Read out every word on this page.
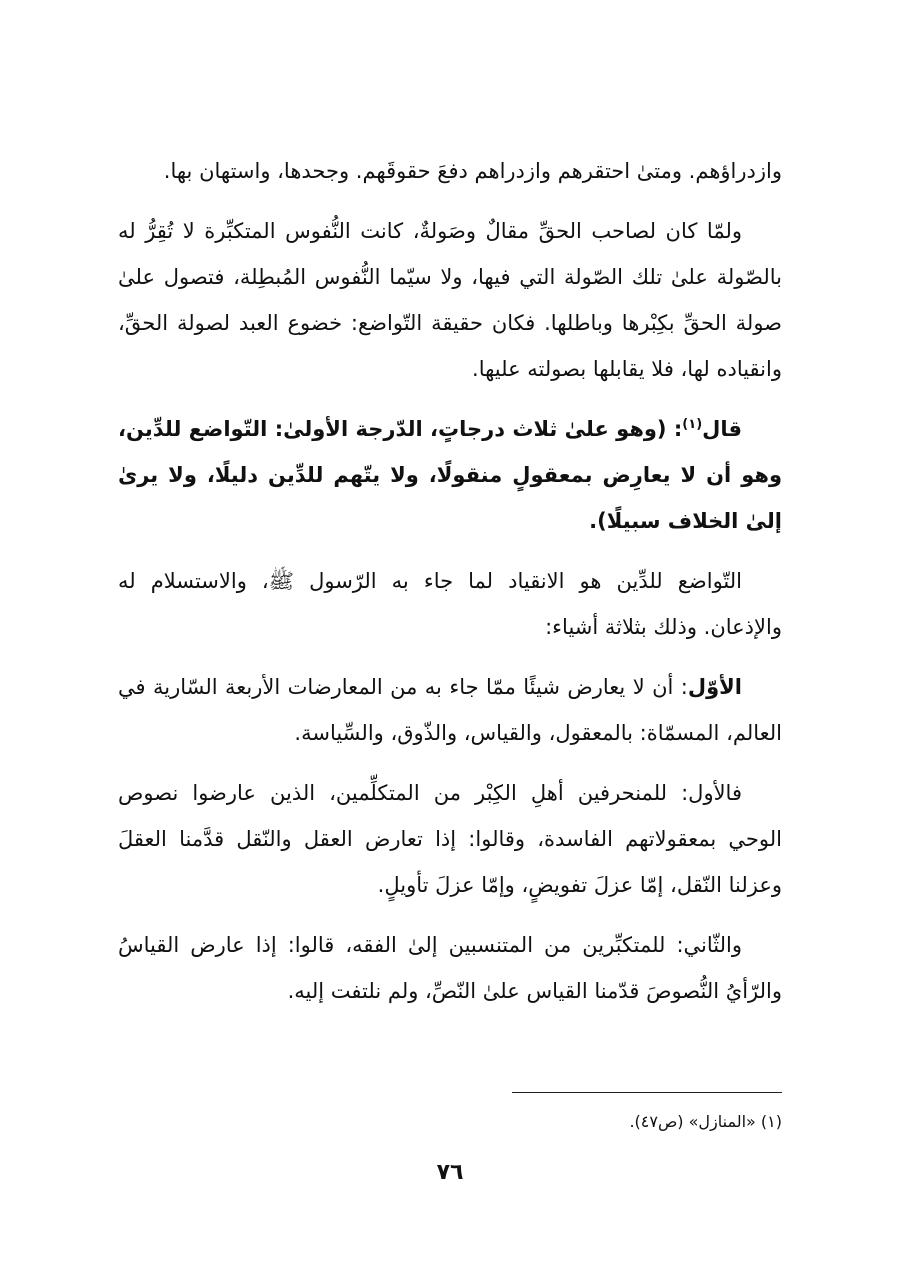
وازدراؤهم. ومتىٰ احتقرهم وازدراهم دفعَ حقوقَهم. وجحدها، واستهان بها.

ولمّا كان لصاحب الحقِّ مقالٌ وصَولةٌ، كانت النُّفوس المتكبِّرة لا تُقِرُّ له بالصّولة علىٰ تلك الصّولة التي فيها، ولا سيّما النُّفوس المُبطِلة، فتصول علىٰ صولة الحقِّ بكِبْرها وباطلها. فكان حقيقة التّواضع: خضوع العبد لصولة الحقِّ، وانقياده لها، فلا يقابلها بصولته عليها.

قال$^{(١)}$: (وهو علىٰ ثلاث درجاتٍ، الدّرجة الأولىٰ: التّواضع للدِّين، وهو أن لا يعارِض بمعقولٍ منقولًا، ولا يتّهم للدِّين دليلًا، ولا يرىٰ إلىٰ الخلاف سبيلًا).

التّواضع للدِّين هو الانقياد لما جاء به الرّسول ﷺ، والاستسلام له والإذعان. وذلك بثلاثة أشياء:

الأوّل: أن لا يعارض شيئًا ممّا جاء به من المعارضات الأربعة السّارية في العالم، المسمّاة: بالمعقول، والقياس، والذّوق، والسِّياسة.

فالأول: للمنحرفين أهلِ الكِبْر من المتكلِّمين، الذين عارضوا نصوص الوحي بمعقولاتهم الفاسدة، وقالوا: إذا تعارض العقل والنّقل قدَّمنا العقلَ وعزلنا النّقل، إمّا عزلَ تفويضٍ، وإمّا عزلَ تأويلٍ.

والثّاني: للمتكبِّرين من المتنسبين إلىٰ الفقه، قالوا: إذا عارض القياسُ والرّأيُ النُّصوصَ قدّمنا القياس علىٰ النّصِّ، ولم نلتفت إليه.

(١) «المنازل» (ص٤٧).
٧٦
